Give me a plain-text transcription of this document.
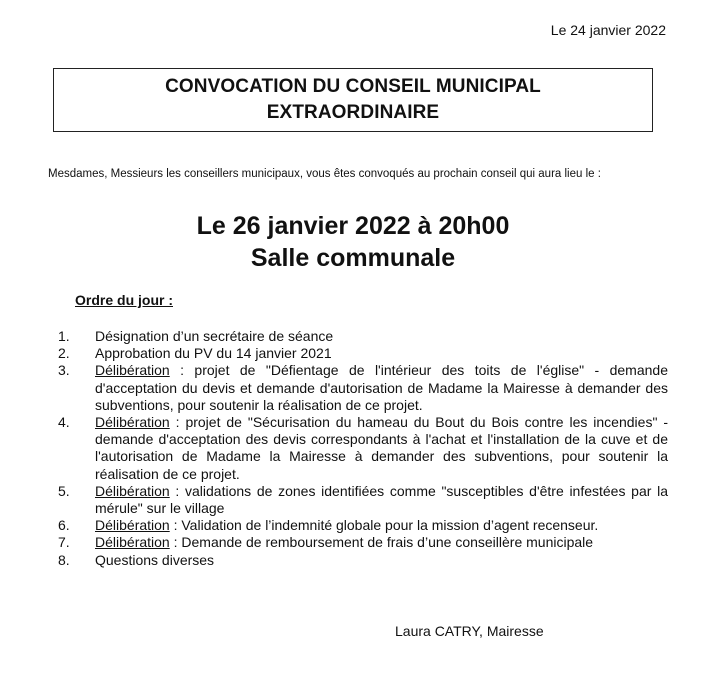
Le 24 janvier 2022
CONVOCATION DU CONSEIL MUNICIPAL
EXTRAORDINAIRE
Mesdames, Messieurs les conseillers municipaux, vous êtes convoqués au prochain conseil qui aura lieu le :
Le 26 janvier 2022 à 20h00
Salle communale
Ordre du jour :
1.	Désignation d’un secrétaire de séance
2.	Approbation du PV du 14 janvier 2021
3.	Délibération : projet de "Défientage de l'intérieur des toits de l'église" - demande d'acceptation du devis et demande d'autorisation de Madame la Mairesse à demander des subventions, pour soutenir la réalisation de ce projet.
4.	Délibération : projet de "Sécurisation du hameau du Bout du Bois contre les incendies" - demande d'acceptation des devis correspondants à l'achat et l'installation de la cuve et de l'autorisation de Madame la Mairesse à demander des subventions, pour soutenir la réalisation de ce projet.
5.	Délibération : validations de zones identifiées comme "susceptibles d'être infestées par la mérule" sur le village
6.	Délibération : Validation de l’indemnité globale pour la mission d’agent recenseur.
7.	Délibération : Demande de remboursement de frais d’une conseillère municipale
8.	Questions diverses
Laura CATRY, Mairesse
